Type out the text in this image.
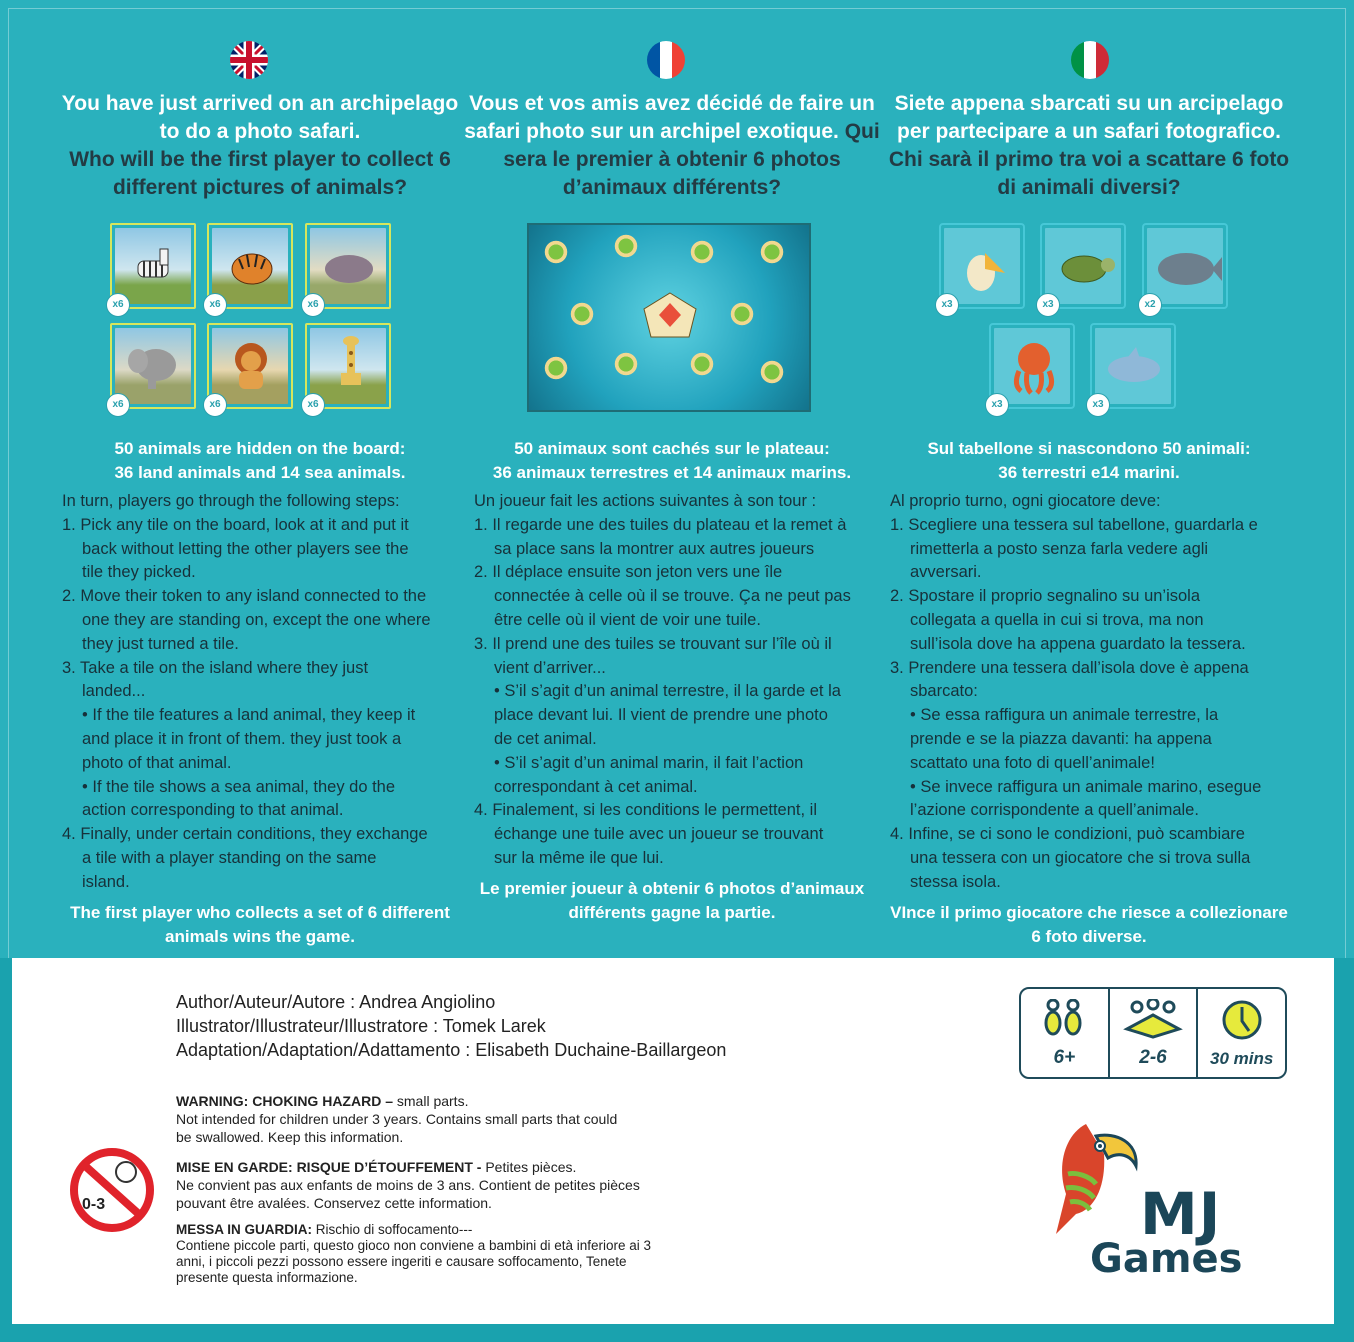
You have just arrived on an archipelago
to do a photo safari.
Who will be the first player to collect 6
different pictures of animals?
Vous et vos amis avez décidé de faire un
safari photo sur un archipel exotique. Qui
sera le premier à obtenir 6 photos
d’animaux différents?
Siete appena sbarcati su un arcipelago
per partecipare a un safari fotografico.
Chi sarà il primo tra voi a scattare 6 foto
di animali diversi?
x6	x6	x6
x6	x6	x6
x3	x3	x2
x3	x3
50 animals are hidden on the board:
36 land animals and 14 sea animals.
50 animaux sont cachés sur le plateau:
36 animaux terrestres et 14 animaux marins.
Sul tabellone si nascondono 50 animali:
36 terrestri e14 marini.

In turn, players go through the following steps:

1. Pick any tile on the board, look at it and put it

back without letting the other players see the

tile they picked.

2. Move their token to any island connected to the

one they are standing on, except the one where

they just turned a tile.

3. Take a tile on the island where they just

landed...

• If the tile features a land animal, they keep it

and place it in front of them. they just took a

photo of that animal.

• If the tile shows a sea animal, they do the

action corresponding to that animal.

4. Finally, under certain conditions, they exchange

a tile with a player standing on the same

island.

Un joueur fait les actions suivantes à son tour :

1. Il regarde une des tuiles du plateau et la remet à

sa place sans la montrer aux autres joueurs

2. Il déplace ensuite son jeton vers une île

connectée à celle où il se trouve. Ça ne peut pas

être celle où il vient de voir une tuile.

3. Il prend une des tuiles se trouvant sur l’île où il

vient d’arriver...

• S’il s’agit d’un animal terrestre, il la garde et la

place devant lui. Il vient de prendre une photo

de cet animal.

• S’il s’agit d’un animal marin, il fait l’action

correspondant à cet animal.

4. Finalement, si les conditions le permettent, il

échange une tuile avec un joueur se trouvant

sur la même ile que lui.

Al proprio turno, ogni giocatore deve:

1. Scegliere una tessera sul tabellone, guardarla e

rimetterla a posto senza farla vedere agli

avversari.

2. Spostare il proprio segnalino su un’isola

collegata a quella in cui si trova, ma non

sull’isola dove ha appena guardato la tessera.

3. Prendere una tessera dall’isola dove è appena

sbarcato:

• Se essa raffigura un animale terrestre, la

prende e se la piazza davanti: ha appena

scattato una foto di quell’animale!

• Se invece raffigura un animale marino, esegue

l’azione corrispondente a quell’animale.

4. Infine, se ci sono le condizioni, può scambiare

una tessera con un giocatore che si trova sulla

stessa isola.

The first player who collects a set of 6 different
animals wins the game.
Le premier joueur à obtenir 6 photos d’animaux
différents gagne la partie.	VInce il primo giocatore che riesce a collezionare
6 foto diverse.

Author/Auteur/Autore : Andrea Angiolino

Illustrator/Illustrateur/Illustratore : Tomek Larek

Adaptation/Adaptation/Adattamento : Elisabeth Duchaine-Baillargeon

WARNING: CHOKING HAZARD – small parts.

Not intended for children under 3 years. Contains small parts that could

be swallowed. Keep this information.

MISE EN GARDE: RISQUE D’ÉTOUFFEMENT - Petites pièces.

Ne convient pas aux enfants de moins de 3 ans. Contient de petites pièces

pouvant être avalées. Conservez cette information.

MESSA IN GUARDIA: Rischio di soffocamento---

Contiene piccole parti, questo gioco non conviene a bambini di età inferiore ai 3

anni, i piccoli pezzi possono essere ingeriti e causare soffocamento, Tenete

presente questa informazione.

0-3
6+	2-6	30 mins
MJ
Games
